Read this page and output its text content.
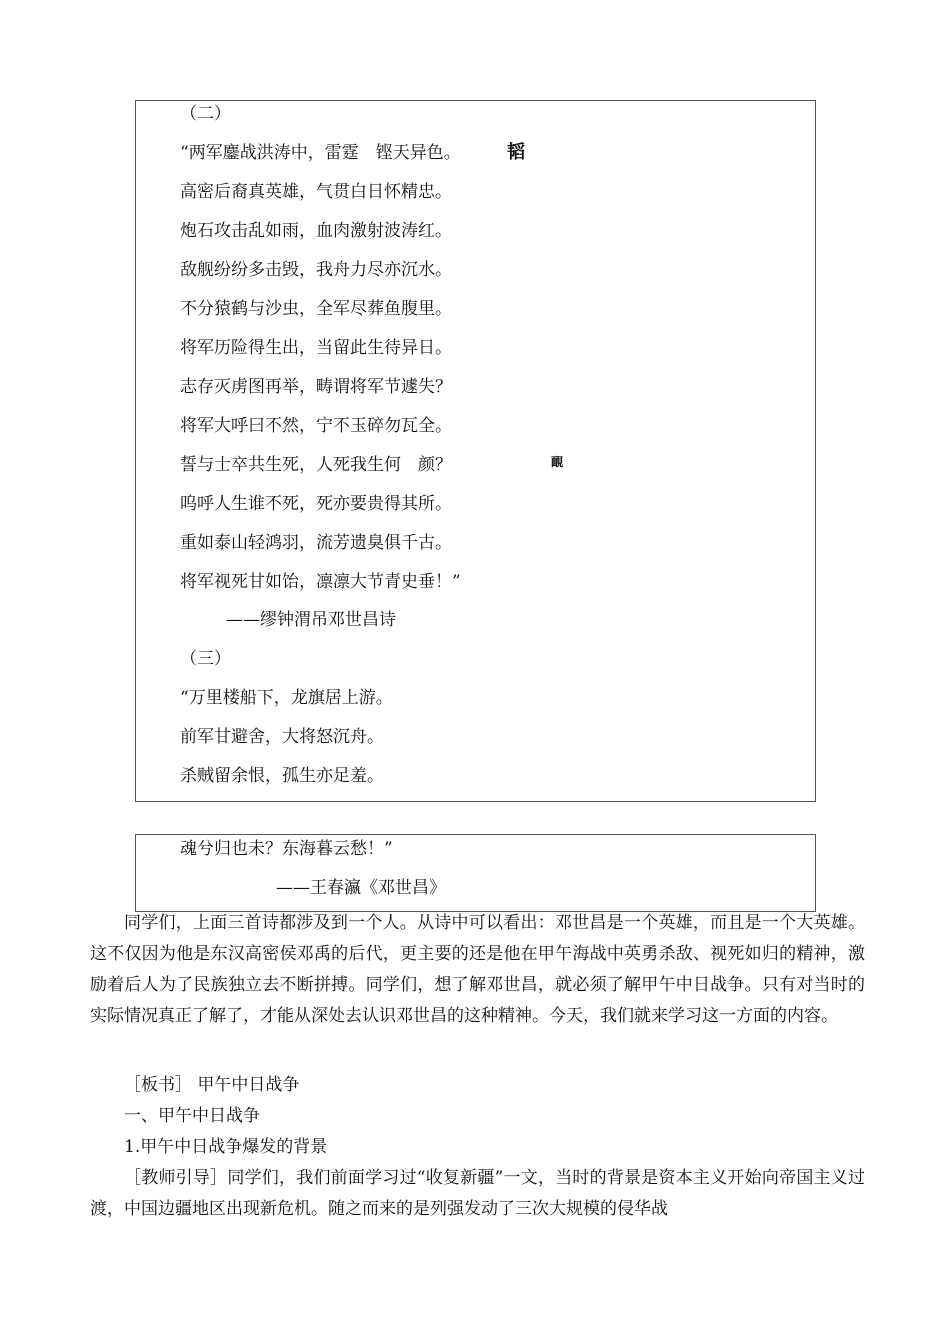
（二）
“两军鏖战洪涛中，雷霆　铿天异色。
高密后裔真英雄，气贯白日怀精忠。
炮石攻击乱如雨，血肉激射波涛红。
敌舰纷纷多击毁，我舟力尽亦沉水。
不分猿鹤与沙虫，全军尽葬鱼腹里。
将军历险得生出，当留此生待异日。
志存灭虏图再举，畴谓将军节遽失？
将军大呼曰不然，宁不玉碎勿瓦全。
誓与士卒共生死，人死我生何　颜？
呜呼人生谁不死，死亦要贵得其所。
重如泰山轻鸿羽，流芳遗臭俱千古。
将军视死甘如饴，凛凛大节青史垂！”
——缪钟渭吊邓世昌诗
韬
靦
（三）
“万里楼船下，龙旗居上游。
前军甘避舍，大将怒沉舟。
杀贼留余恨，孤生亦足羞。
魂兮归也未？东海暮云愁！”
——王春瀛《邓世昌》

同学们，上面三首诗都涉及到一个人。从诗中可以看出：邓世昌是一个英雄，而且是一个大英雄。这不仅因为他是东汉高密侯邓禹的后代，更主要的还是他在甲午海战中英勇杀敌、视死如归的精神，激励着后人为了民族独立去不断拼搏。同学们，想了解邓世昌，就必须了解甲午中日战争。只有对当时的实际情况真正了解了，才能从深处去认识邓世昌的这种精神。今天，我们就来学习这一方面的内容。

［板书］ 甲午中日战争
一、甲午中日战争
1.甲午中日战争爆发的背景

［教师引导］同学们，我们前面学习过“收复新疆”一文，当时的背景是资本主义开始向帝国主义过渡，中国边疆地区出现新危机。随之而来的是列强发动了三次大规模的侵华战
